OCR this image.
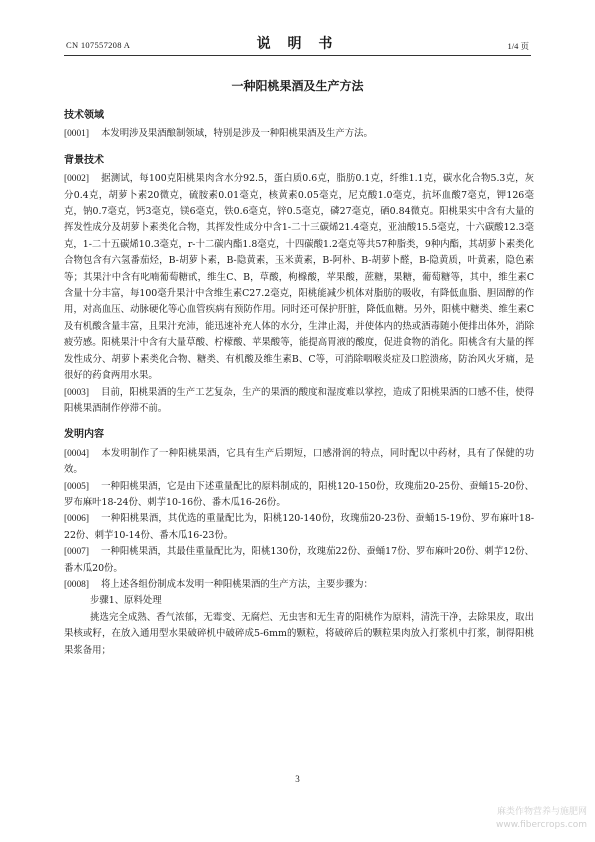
CN 107557208 A	说 明 书	1/4 页
一种阳桃果酒及生产方法
技术领域

[0001] 本发明涉及果酒酿制领域，特别是涉及一种阳桃果酒及生产方法。

背景技术

[0002] 据测试，每100克阳桃果肉含水分92.5，蛋白质0.6克，脂肪0.1克，纤维1.1克，碳水化合物5.3克，灰分0.4克，胡萝卜素20微克，硫胺素0.01毫克，核黄素0.05毫克，尼克酸1.0毫克，抗坏血酸7毫克，钾126毫克，钠0.7毫克，钙3毫克，镁6毫克，铁0.6毫克，锌0.5毫克，磷27毫克，硒0.84微克。阳桃果实中含有大量的挥发性成分及胡萝卜素类化合物，其挥发性成分中含1-二十三碳烯21.4毫克，亚油酸15.5毫克，十六碳酸12.3毫克，1-二十五碳烯10.3毫克，r-十二碳内酯1.8毫克，十四碳酸1.2毫克等共57种脂类，9种内酯，其胡萝卜素类化合物包含有六氢番茄烃，B-胡萝卜素，B-隐黄素，玉米黄素，B-阿朴、B-胡萝卜醛，B-隐黄质，叶黄素，隐色素等；其果汁中含有叱喃葡萄糖甙，维生C、B，草酸，枸橼酸，苹果酸，蔗糖，果糖，葡萄糖等，其中，维生素C含量十分丰富，每100毫升果汁中含维生素C27.2毫克，阳桃能减少机体对脂肪的吸收，有降低血脂、胆固醇的作用，对高血压、动脉硬化等心血管疾病有预防作用。同时还可保护肝脏，降低血糖。另外，阳桃中糖类、维生素C及有机酸含量丰富，且果汁充沛，能迅速补充人体的水分，生津止渴，并使体内的热或酒毒随小便排出体外，消除疲劳感。阳桃果汁中含有大量草酸、柠檬酸、苹果酸等，能提高胃液的酸度，促进食物的消化。阳桃含有大量的挥发性成分、胡萝卜素类化合物、糖类、有机酸及维生素B、C等，可消除咽喉炎症及口腔溃疡，防治风火牙痛，是很好的药食两用水果。

[0003] 目前，阳桃果酒的生产工艺复杂，生产的果酒的酸度和湿度难以掌控，造成了阳桃果酒的口感不佳，使得阳桃果酒制作停滞不前。

发明内容

[0004] 本发明制作了一种阳桃果酒，它具有生产后期短，口感滑润的特点，同时配以中药材，具有了保健的功效。

[0005] 一种阳桃果酒，它是由下述重量配比的原料制成的，阳桃120-150份，玫瑰茄20-25份、蚕蛹15-20份、罗布麻叶18-24份、刺芋10-16份、番木瓜16-26份。

[0006] 一种阳桃果酒，其优选的重量配比为，阳桃120-140份，玫瑰茄20-23份、蚕蛹15-19份、罗布麻叶18-22份、刺芋10-14份、番木瓜16-23份。

[0007] 一种阳桃果酒，其最佳重量配比为，阳桃130份，玫瑰茄22份、蚕蛹17份、罗布麻叶20份、刺芋12份、番木瓜20份。

[0008] 将上述各组份制成本发明一种阳桃果酒的生产方法，主要步骤为：

步骤1、原料处理

挑选完全成熟、香气浓郁，无霉变、无腐烂、无虫害和无生青的阳桃作为原料，清洗干净，去除果皮，取出果核或籽，在放入通用型水果破碎机中破碎成5-6mm的颗粒，将破碎后的颗粒果肉放入打浆机中打浆，制得阳桃果浆备用；

3
麻类作物营养与施肥网
www.fibercrops.com
